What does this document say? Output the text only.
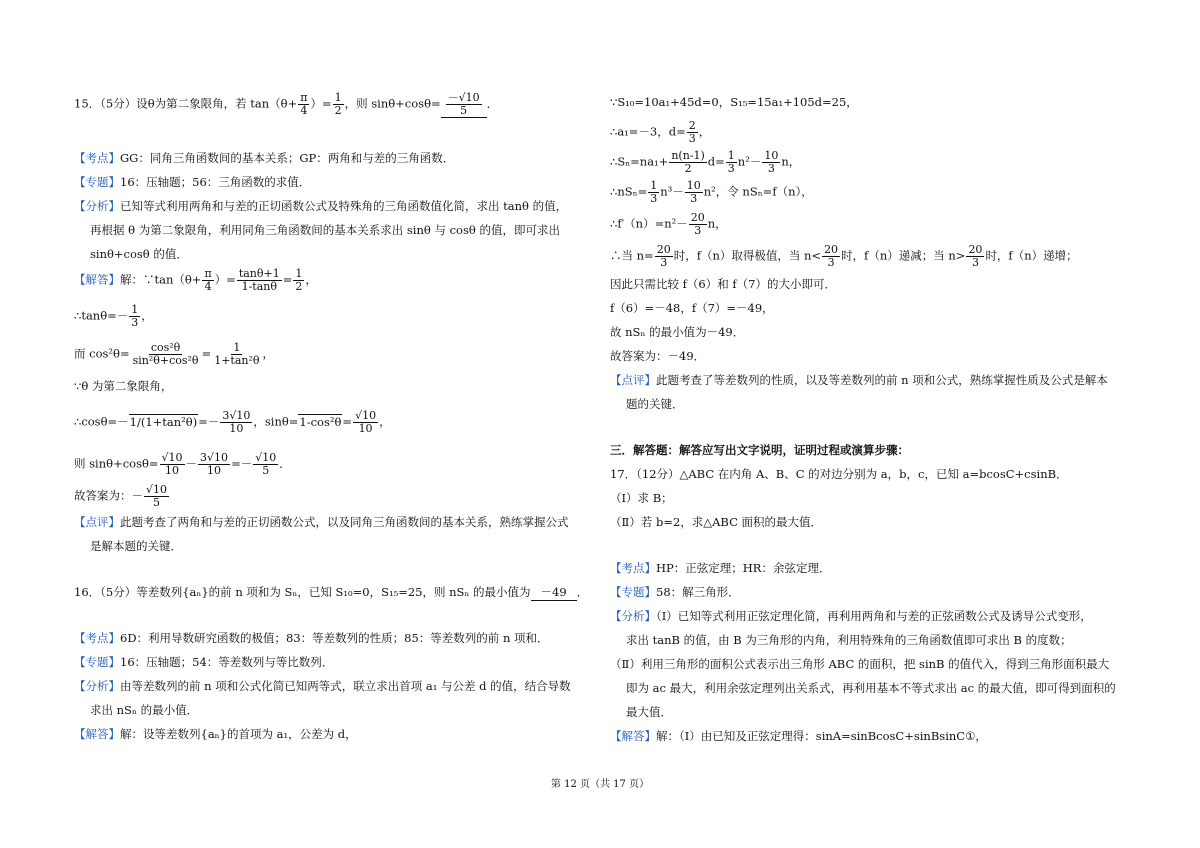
15．（5分）设θ为第二象限角，若 $\tan(\theta+ \frac{\pi}{4}$ ）= $\frac{1}{2}$ ，则 $\sin\theta+\cos\theta= \frac{-√10}{5}$ ．
【考点】GG：同角三角函数间的基本关系；GP：两角和与差的三角函数．
【专题】16：压轴题；56：三角函数的求值．
【分析】已知等式利用两角和与差的正切函数公式及特殊角的三角函数值化简，求出 tanθ 的值，
再根据 θ 为第二象限角，利用同角三角函数间的基本关系求出 sinθ 与 cosθ 的值，即可求出
sinθ+cosθ 的值．
【解答】解：∵tan（θ+ $\frac{\pi}{4}$ ）= $\frac{\tan\theta+1}{1-\tan\theta} = \frac{1}{2}$ ，
∴tanθ=－ $\frac{1}{3}$ ，
而 $\cos^2\theta= \frac{\text{cos²θ}}{\text{sin²θ+cos²θ}} = \frac{1}{\text{1+tan²θ}}$ ，
∵θ 为第二象限角，
∴cosθ=－1/(1+tan²θ)=－ $\frac{3√10}{10}$ ，$\sin\theta=1-\cos^2\theta= \frac{√10}{10}$ ，
则 $\sin\theta+\cos\theta= \frac{√10}{10} - \frac{3√10}{10} =- \frac{√10}{5}$ ．
故答案为：－ $\frac{√10}{5}$
【点评】此题考查了两角和与差的正切函数公式，以及同角三角函数间的基本关系，熟练掌握公式
是解本题的关键．
16．（5分）等差数列{aₙ}的前 n 项和为 Sₙ，已知 S₁₀=0，S₁₅=25，则 nSₙ 的最小值为 －49 ．
【考点】6D：利用导数研究函数的极值；83：等差数列的性质；85：等差数列的前 n 项和．
【专题】16：压轴题；54：等差数列与等比数列．
【分析】由等差数列的前 n 项和公式化简已知两等式，联立求出首项 a₁ 与公差 d 的值，结合导数
求出 nSₙ 的最小值．
【解答】解：设等差数列{aₙ}的首项为 a₁，公差为 d，
∵S₁₀=10a₁+45d=0，S₁₅=15a₁+105d=25，
∴a₁=－3，$d= \frac{2}{3}$ ，
∴Sₙ=na₁+ $\frac{n(n-1)}{2} d= \frac{1}{3} n^2- \frac{10}{3}$ n，
∴nSₙ= $\frac{1}{3} n^3- \frac{10}{3} n^2$，令 nSₙ=f（n），
∴f′（n）=n²－ $\frac{20}{3}$ n，
∴当 $n= \frac{20}{3}$ 时，f（n）取得极值，当 $n< \frac{20}{3}$ 时，f（n）递减；当 $n> \frac{20}{3}$ 时，f（n）递增；
因此只需比较 f（6）和 f（7）的大小即可．
f（6）=－48，f（7）=－49，
故 nSₙ 的最小值为－49．
故答案为：－49．
【点评】此题考查了等差数列的性质，以及等差数列的前 n 项和公式，熟练掌握性质及公式是解本
题的关键．
三．解答题：解答应写出文字说明，证明过程或演算步骤：
17．（12分）△ABC 在内角 A、B、C 的对边分别为 a，b，c，已知 a=bcosC+csinB．
（Ⅰ）求 B；
（Ⅱ）若 b=2，求△ABC 面积的最大值．
【考点】HP：正弦定理；HR：余弦定理．
【专题】58：解三角形．
【分析】（Ⅰ）已知等式利用正弦定理化简，再利用两角和与差的正弦函数公式及诱导公式变形，
求出 tanB 的值，由 B 为三角形的内角，利用特殊角的三角函数值即可求出 B 的度数；
（Ⅱ）利用三角形的面积公式表示出三角形 ABC 的面积，把 sinB 的值代入，得到三角形面积最大
即为 ac 最大，利用余弦定理列出关系式，再利用基本不等式求出 ac 的最大值，即可得到面积的
最大值．
【解答】解：（Ⅰ）由已知及正弦定理得：sinA=sinBcosC+sinBsinC①，
第 12 页（共 17 页）
